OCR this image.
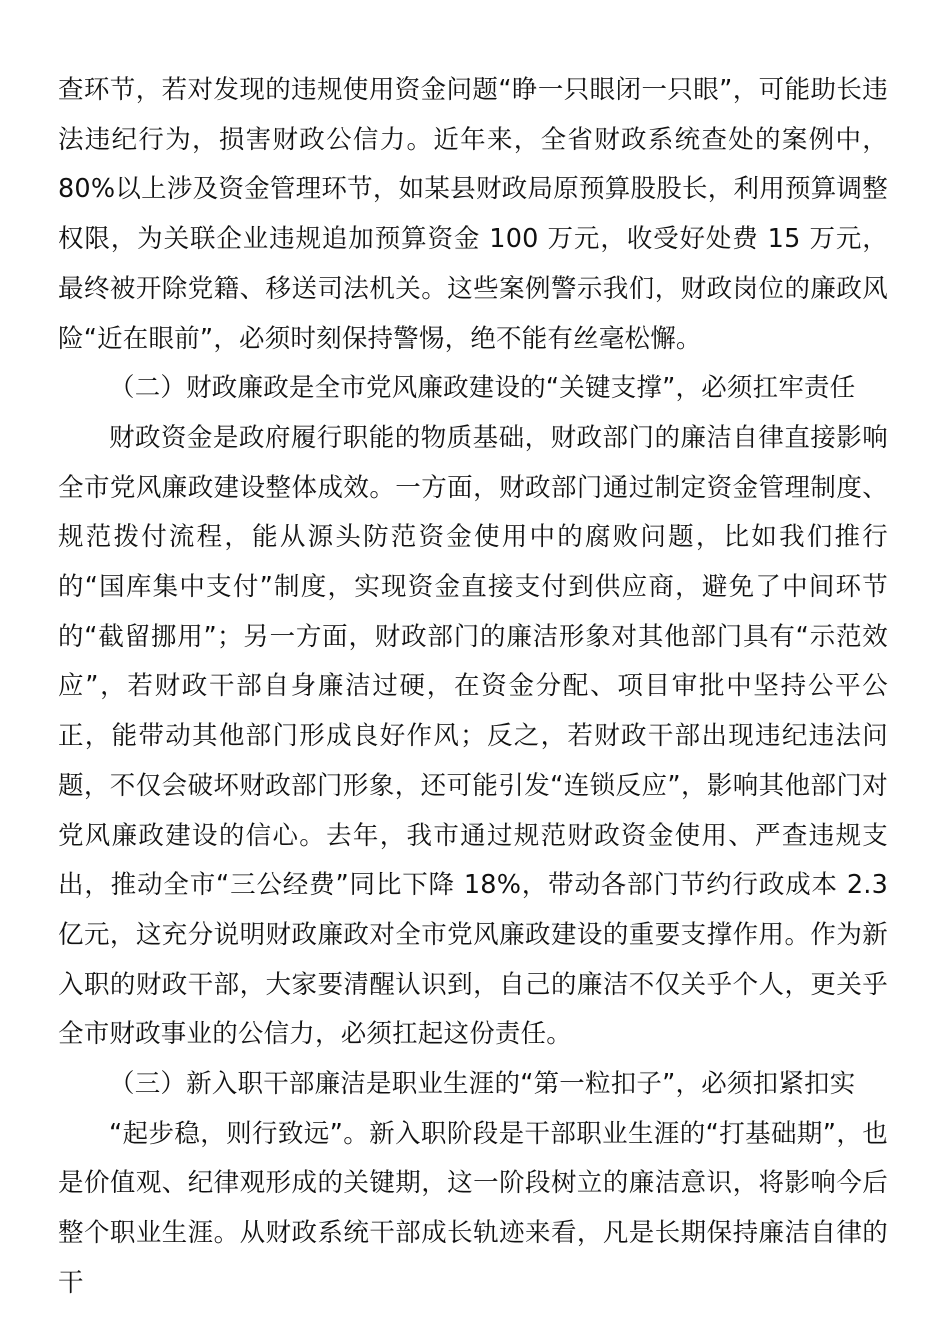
查环节，若对发现的违规使用资金问题“睁一只眼闭一只眼”，可能助长违法违纪行为，损害财政公信力。近年来，全省财政系统查处的案例中，80%以上涉及资金管理环节，如某县财政局原预算股股长，利用预算调整权限，为关联企业违规追加预算资金 100 万元，收受好处费 15 万元，最终被开除党籍、移送司法机关。这些案例警示我们，财政岗位的廉政风险“近在眼前”，必须时刻保持警惕，绝不能有丝毫松懈。

（二）财政廉政是全市党风廉政建设的“关键支撑”，必须扛牢责任

财政资金是政府履行职能的物质基础，财政部门的廉洁自律直接影响全市党风廉政建设整体成效。一方面，财政部门通过制定资金管理制度、规范拨付流程，能从源头防范资金使用中的腐败问题，比如我们推行的“国库集中支付”制度，实现资金直接支付到供应商，避免了中间环节的“截留挪用”；另一方面，财政部门的廉洁形象对其他部门具有“示范效应”，若财政干部自身廉洁过硬，在资金分配、项目审批中坚持公平公正，能带动其他部门形成良好作风；反之，若财政干部出现违纪违法问题，不仅会破坏财政部门形象，还可能引发“连锁反应”，影响其他部门对党风廉政建设的信心。去年，我市通过规范财政资金使用、严查违规支出，推动全市“三公经费”同比下降 18%，带动各部门节约行政成本 2.3 亿元，这充分说明财政廉政对全市党风廉政建设的重要支撑作用。作为新入职的财政干部，大家要清醒认识到，自己的廉洁不仅关乎个人，更关乎全市财政事业的公信力，必须扛起这份责任。

（三）新入职干部廉洁是职业生涯的“第一粒扣子”，必须扣紧扣实

“起步稳，则行致远”。新入职阶段是干部职业生涯的“打基础期”，也是价值观、纪律观形成的关键期，这一阶段树立的廉洁意识，将影响今后整个职业生涯。从财政系统干部成长轨迹来看，凡是长期保持廉洁自律的干
